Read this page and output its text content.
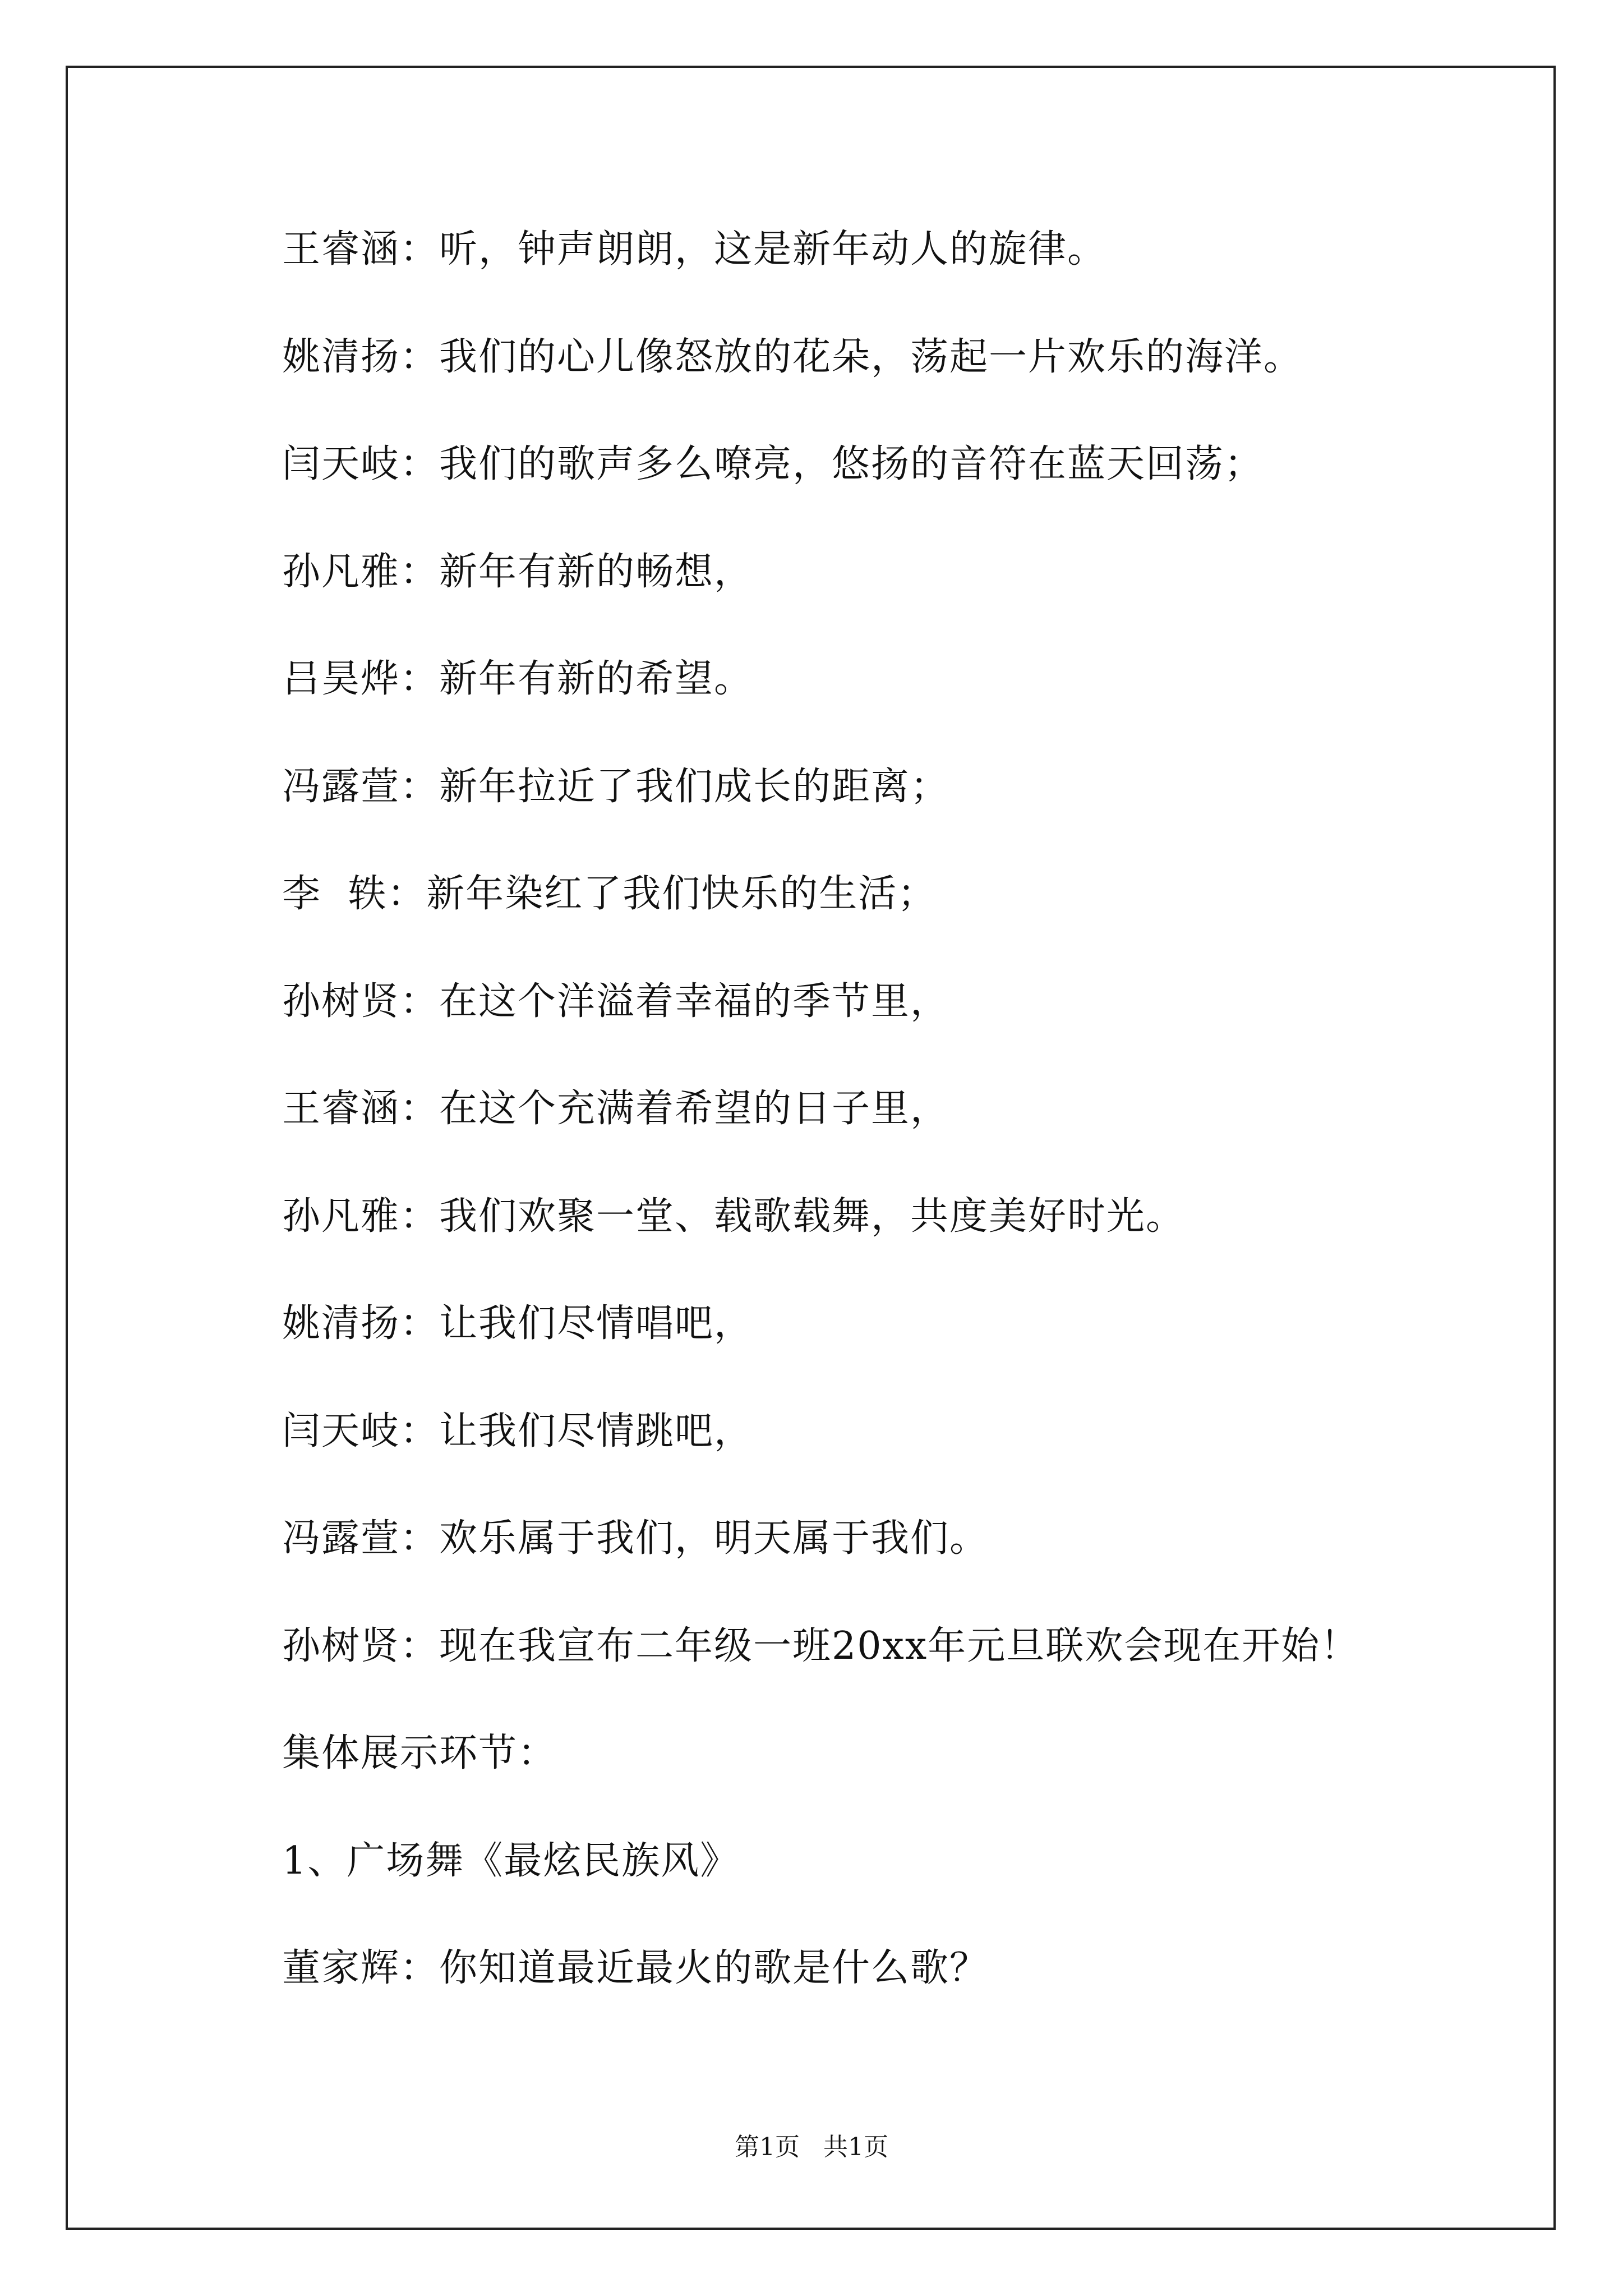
王睿涵：听，钟声朗朗，这是新年动人的旋律。
姚清扬：我们的心儿像怒放的花朵，荡起一片欢乐的海洋。
闫天岐：我们的歌声多么嘹亮，悠扬的音符在蓝天回荡；
孙凡雅：新年有新的畅想，
吕昊烨：新年有新的希望。
冯露萱：新年拉近了我们成长的距离；
李  轶：新年染红了我们快乐的生活；
孙树贤：在这个洋溢着幸福的季节里，
王睿涵：在这个充满着希望的日子里，
孙凡雅：我们欢聚一堂、载歌载舞，共度美好时光。
姚清扬：让我们尽情唱吧，
闫天岐：让我们尽情跳吧，
冯露萱：欢乐属于我们，明天属于我们。
孙树贤：现在我宣布二年级一班20xx年元旦联欢会现在开始！
集体展示环节：
1、广场舞《最炫民族风》
董家辉：你知道最近最火的歌是什么歌？
第1页   共1页
